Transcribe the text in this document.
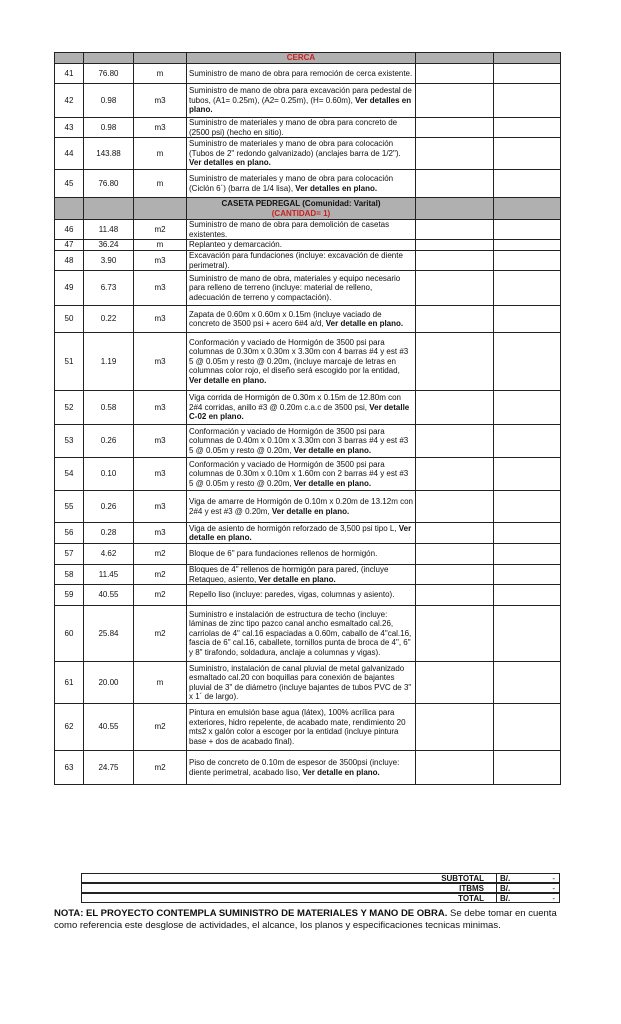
			CERCA		
41	76.80	m	Suministro de mano de obra para remoción de cerca existente.		
42	0.98	m3	Suministro de mano de obra para excavación para pedestal de tubos, (A1= 0.25m), (A2= 0.25m), (H= 0.60m), Ver detalles en plano.		
43	0.98	m3	Suministro de materiales y mano de obra para concreto de (2500 psi) (hecho en sitio).		
44	143.88	m	Suministro de materiales y mano de obra para colocación (Tubos de 2" redondo galvanizado) (anclajes barra de 1/2"). Ver detalles en plano.		
45	76.80	m	Suministro de materiales y mano de obra para colocación (Ciclón 6´) (barra de 1/4 lisa), Ver detalles en plano.		

			CASETA PEDREGAL (Comunidad: Varital)
(CANTIDAD= 1)		

46	11.48	m2	Suministro de mano de obra para demolición de casetas existentes.		
47	36.24	m	Replanteo y demarcación.		
48	3.90	m3	Excavación para fundaciones (incluye: excavación de diente perimetral).		
49	6.73	m3	Suministro de mano de obra, materiales y equipo necesario para relleno de terreno (incluye: material de relleno, adecuación de terreno y compactación).		
50	0.22	m3	Zapata de 0.60m x 0.60m x 0.15m (incluye vaciado de concreto de 3500 psi + acero 6#4 a/d, Ver detalle en plano.		
51	1.19	m3	Conformación y vaciado de Hormigón de 3500 psi para columnas de 0.30m x 0.30m x 3.30m con 4 barras #4 y est #3 5 @ 0.05m y resto @ 0.20m, (incluye marcaje de letras en columnas color rojo, el diseño será escogido por la entidad, Ver detalle en plano.		
52	0.58	m3	Viga corrida de Hormigón de 0.30m x 0.15m de 12.80m con 2#4 corridas, anillo #3 @ 0.20m c.a.c de 3500 psi, Ver detalle C-02 en plano.		
53	0.26	m3	Conformación y vaciado de Hormigón de 3500 psi para columnas de 0.40m x 0.10m x 3.30m con 3 barras #4 y est #3 5 @ 0.05m y resto @ 0.20m, Ver detalle en plano.		
54	0.10	m3	Conformación y vaciado de Hormigón de 3500 psi para columnas de 0.30m x 0.10m x 1.60m con 2 barras #4 y est #3 5 @ 0.05m y resto @ 0.20m, Ver detalle en plano.		
55	0.26	m3	Viga de amarre de Hormigón de 0.10m x 0.20m de 13.12m con 2#4 y est #3 @ 0.20m, Ver detalle en plano.		
56	0.28	m3	Viga de asiento de hormigón reforzado de 3,500 psi tipo L, Ver detalle en plano.		
57	4.62	m2	Bloque de 6" para fundaciones rellenos de hormigón.		
58	11.45	m2	Bloques de 4" rellenos de hormigón para pared, (incluye Retaqueo, asiento, Ver detalle en plano.		
59	40.55	m2	Repello liso (incluye: paredes, vigas, columnas y asiento).		
60	25.84	m2	Suministro e instalación de estructura de techo (incluye: láminas de zinc tipo pazco canal ancho esmaltado cal.26, carriolas de 4" cal.16 espaciadas a 0.60m, caballo de 4"cal.16, fascia de 6" cal.16, caballete, tornillos punta de broca de 4", 6" y 8" tirafondo, soldadura, anclaje a columnas y vigas).		
61	20.00	m	Suministro, instalación de canal pluvial de metal galvanizado esmaltado cal.20 con boquillas para conexión de bajantes pluvial de 3" de diámetro (incluye bajantes de tubos PVC de 3" x 1´ de largo).		
62	40.55	m2	Pintura en emulsión base agua (látex), 100% acrílica para exteriores, hidro repelente, de acabado mate, rendimiento 20 mts2 x galón color a escoger por la entidad (incluye pintura base + dos de acabado final).		
63	24.75	m2	Piso de concreto de 0.10m de espesor de 3500psi (incluye: diente perimetral, acabado liso, Ver detalle en plano.		
SUBTOTAL	B/.	-
ITBMS	B/.	-
TOTAL	B/.	-
NOTA: EL PROYECTO CONTEMPLA SUMINISTRO DE MATERIALES Y MANO DE OBRA. Se debe tomar en cuenta como referencia este desglose de actividades, el alcance, los planos y especificaciones tecnicas minimas.
